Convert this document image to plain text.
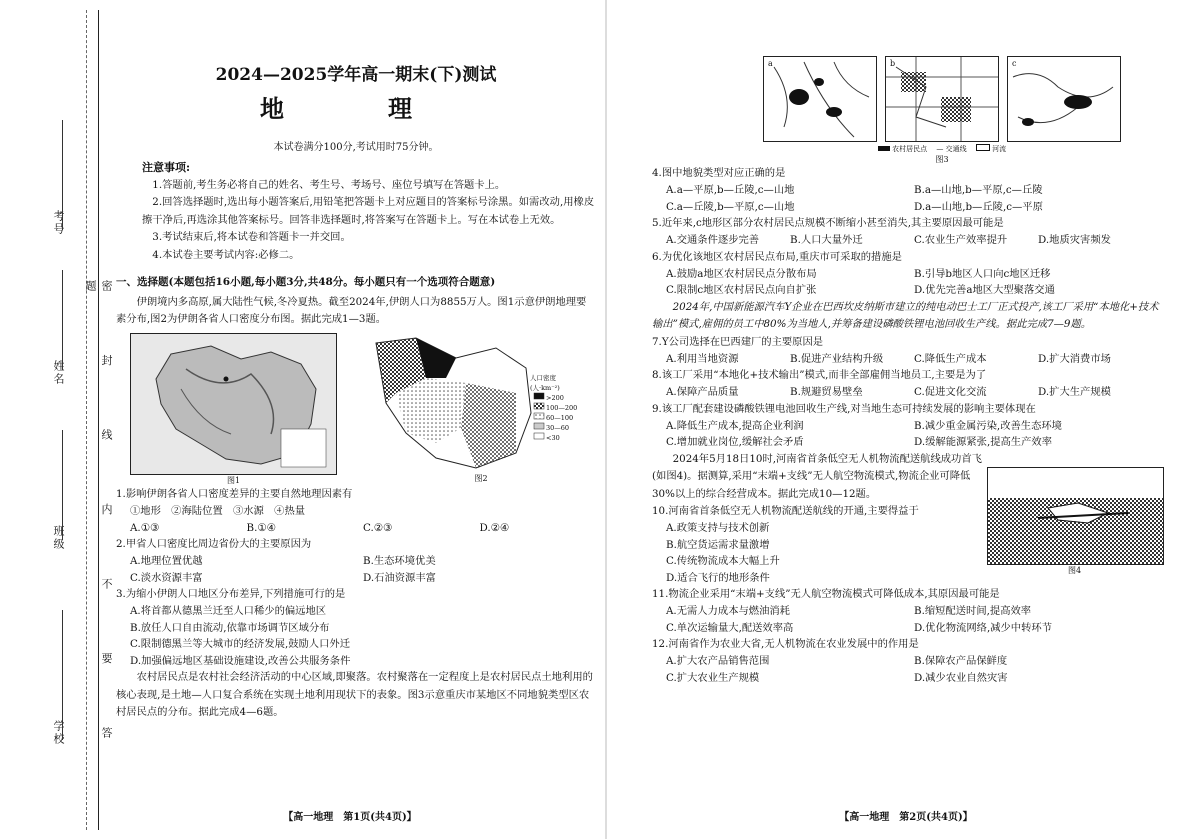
考号
姓名
班级
学校	密 封 线 内 不 要 答 题
2024—2025学年高一期末(下)测试
地　理
本试卷满分100分,考试用时75分钟。

注意事项:

1.答题前,考生务必将自己的姓名、考生号、考场号、座位号填写在答题卡上。

2.回答选择题时,选出每小题答案后,用铅笔把答题卡上对应题目的答案标号涂黑。如需改动,用橡皮擦干净后,再选涂其他答案标号。回答非选择题时,将答案写在答题卡上。写在本试卷上无效。

3.考试结束后,将本试卷和答题卡一并交回。

4.本试卷主要考试内容:必修二。

一、选择题(本题包括16小题,每小题3分,共48分。每小题只有一个选项符合题意)

伊朗境内多高原,属大陆性气候,冬冷夏热。截至2024年,伊朗人口为8855万人。图1示意伊朗地理要素分布,图2为伊朗各省人口密度分布图。据此完成1—3题。

图1
人口密度
(人·km⁻²)
>200
100—200
60—100
30—60
<30
图2

1.影响伊朗各省人口密度差异的主要自然地理因素有

①地形　②海陆位置　③水源　④热量

A.①③	B.①④	C.②③	D.②④

2.甲省人口密度比周边省份大的主要原因为

A.地理位置优越	B.生态环境优美
C.淡水资源丰富	D.石油资源丰富

3.为缩小伊朗人口地区分布差异,下列措施可行的是

A.将首都从德黑兰迁至人口稀少的偏远地区
B.放任人口自由流动,依靠市场调节区域分布
C.限制德黑兰等大城市的经济发展,鼓励人口外迁
D.加强偏远地区基础设施建设,改善公共服务条件

农村居民点是农村社会经济活动的中心区域,即聚落。农村聚落在一定程度上是农村居民点土地利用的核心表现,是土地—人口复合系统在实现土地利用现状下的表象。图3示意重庆市某地区不同地貌类型区农村居民点的分布。据此完成4—6题。

【高一地理　第1页(共4页)】
a	b	c
农村居民点　 — 交通线　	河流
图3

4.图中地貌类型对应正确的是

A.a—平原,b—丘陵,c—山地	B.a—山地,b—平原,c—丘陵
C.a—丘陵,b—平原,c—山地	D.a—山地,b—丘陵,c—平原

5.近年来,c地形区部分农村居民点规模不断缩小甚至消失,其主要原因最可能是

A.交通条件逐步完善	B.人口大量外迁	C.农业生产效率提升	D.地质灾害频发

6.为优化该地区农村居民点布局,重庆市可采取的措施是

A.鼓励a地区农村居民点分散布局	B.引导b地区人口向c地区迁移
C.限制c地区农村居民点向自扩张	D.优先完善a地区大型聚落交通

2024年,中国新能源汽车Y企业在巴西坎皮纳斯市建立的纯电动巴士工厂正式投产,该工厂采用“本地化+技术输出”模式,雇佣的员工中80%为当地人,并筹备建设磷酸铁锂电池回收生产线。据此完成7—9题。

7.Y公司选择在巴西建厂的主要原因是

A.利用当地资源	B.促进产业结构升级	C.降低生产成本	D.扩大消费市场

8.该工厂采用“本地化+技术输出”模式,而非全部雇佣当地员工,主要是为了

A.保障产品质量	B.规避贸易壁垒	C.促进文化交流	D.扩大生产规模

9.该工厂配套建设磷酸铁锂电池回收生产线,对当地生态可持续发展的影响主要体现在

A.降低生产成本,提高企业利润	B.减少重金属污染,改善生态环境
C.增加就业岗位,缓解社会矛盾	D.缓解能源紧张,提高生产效率
图4

2024年5月18日10时,河南省首条低空无人机物流配送航线成功首飞(如图4)。据测算,采用“末端+支线”无人航空物流模式,物流企业可降低30%以上的综合经营成本。据此完成10—12题。

10.河南省首条低空无人机物流配送航线的开通,主要得益于

A.政策支持与技术创新
B.航空货运需求量激增
C.传统物流成本大幅上升
D.适合飞行的地形条件

11.物流企业采用“末端+支线”无人航空物流模式可降低成本,其原因最可能是

A.无需人力成本与燃油消耗	B.缩短配送时间,提高效率
C.单次运输量大,配送效率高	D.优化物流网络,减少中转环节

12.河南省作为农业大省,无人机物流在农业发展中的作用是

A.扩大农产品销售范围	B.保障农产品保鲜度
C.扩大农业生产规模	D.减少农业自然灾害
【高一地理　第2页(共4页)】
